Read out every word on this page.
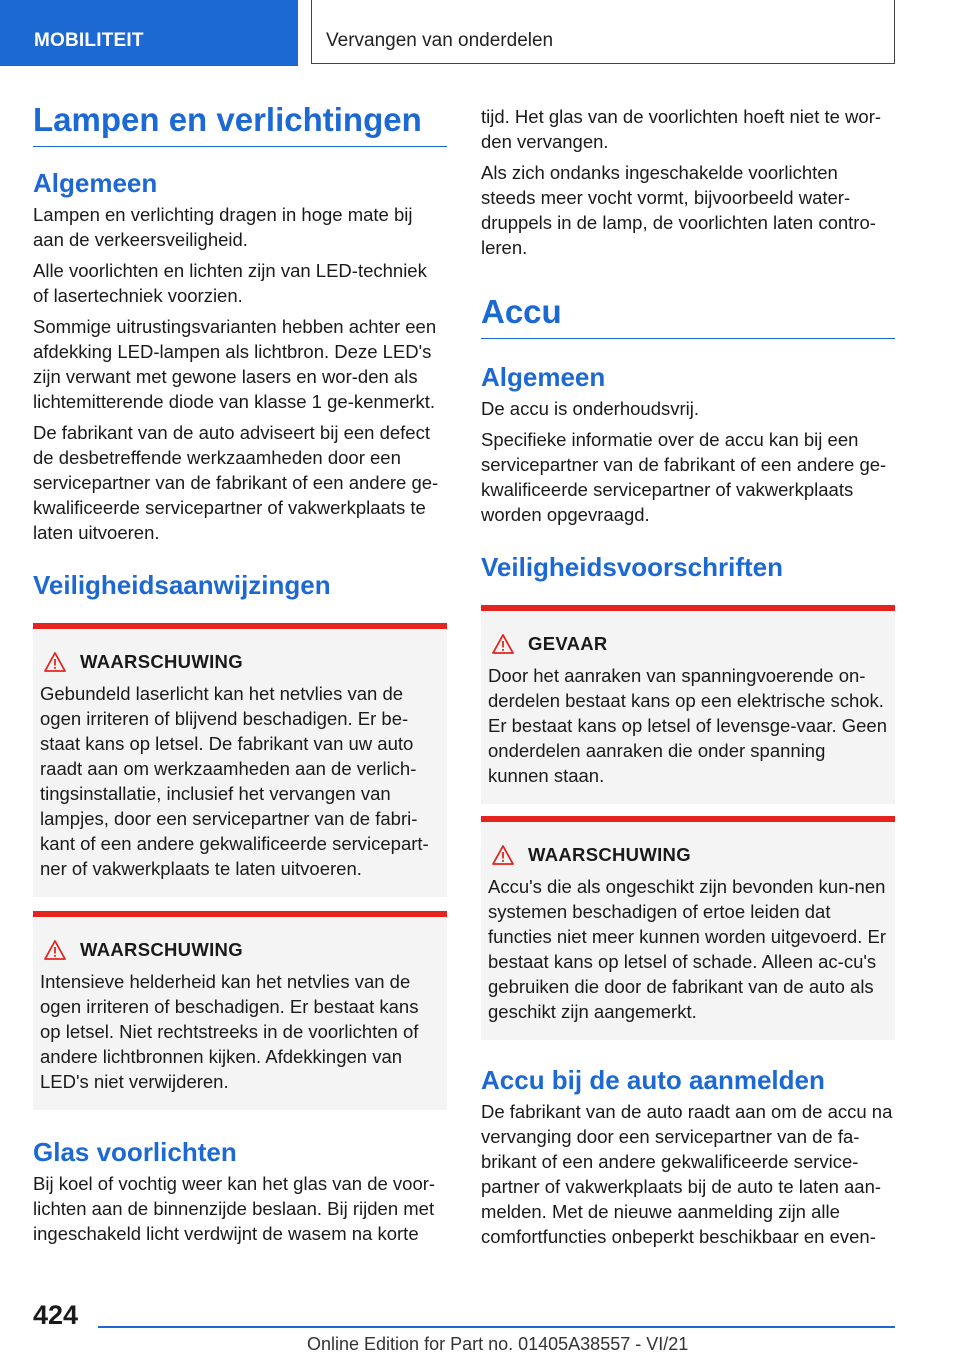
MOBILITEIT	Vervangen van onderdelen
Lampen en verlichtingen
Algemeen

Lampen en verlichting dragen in hoge mate bij aan de verkeersveiligheid.

Alle voorlichten en lichten zijn van LED-techniek of lasertechniek voorzien.

Sommige uitrustingsvarianten hebben achter een afdekking LED-lampen als lichtbron. Deze LED's zijn verwant met gewone lasers en wor-den als lichtemitterende diode van klasse 1 ge-kenmerkt.

De fabrikant van de auto adviseert bij een defect de desbetreffende werkzaamheden door een servicepartner van de fabrikant of een andere ge-kwalificeerde servicepartner of vakwerkplaats te laten uitvoeren.

Veiligheidsaanwijzingen
WAARSCHUWING

Gebundeld laserlicht kan het netvlies van de ogen irriteren of blijvend beschadigen. Er be-staat kans op letsel. De fabrikant van uw auto raadt aan om werkzaamheden aan de verlich-tingsinstallatie, inclusief het vervangen van lampjes, door een servicepartner van de fabri-kant of een andere gekwalificeerde servicepart-ner of vakwerkplaats te laten uitvoeren.

WAARSCHUWING

Intensieve helderheid kan het netvlies van de ogen irriteren of beschadigen. Er bestaat kans op letsel. Niet rechtstreeks in de voorlichten of andere lichtbronnen kijken. Afdekkingen van LED's niet verwijderen.

Glas voorlichten

Bij koel of vochtig weer kan het glas van de voor-lichten aan de binnenzijde beslaan. Bij rijden met ingeschakeld licht verdwijnt de wasem na korte

tijd. Het glas van de voorlichten hoeft niet te wor-den vervangen.

Als zich ondanks ingeschakelde voorlichten steeds meer vocht vormt, bijvoorbeeld water-druppels in de lamp, de voorlichten laten contro-leren.

Accu
Algemeen

De accu is onderhoudsvrij.

Specifieke informatie over de accu kan bij een servicepartner van de fabrikant of een andere ge-kwalificeerde servicepartner of vakwerkplaats worden opgevraagd.

Veiligheidsvoorschriften
GEVAAR

Door het aanraken van spanningvoerende on-derdelen bestaat kans op een elektrische schok. Er bestaat kans op letsel of levensge-vaar. Geen onderdelen aanraken die onder spanning kunnen staan.

WAARSCHUWING

Accu's die als ongeschikt zijn bevonden kun-nen systemen beschadigen of ertoe leiden dat functies niet meer kunnen worden uitgevoerd. Er bestaat kans op letsel of schade. Alleen ac-cu's gebruiken die door de fabrikant van de auto als geschikt zijn aangemerkt.

Accu bij de auto aanmelden

De fabrikant van de auto raadt aan om de accu na vervanging door een servicepartner van de fa-brikant of een andere gekwalificeerde service-partner of vakwerkplaats bij de auto te laten aan-melden. Met de nieuwe aanmelding zijn alle comfortfuncties onbeperkt beschikbaar en even-

424
Online Edition for Part no. 01405A38557 - VI/21
